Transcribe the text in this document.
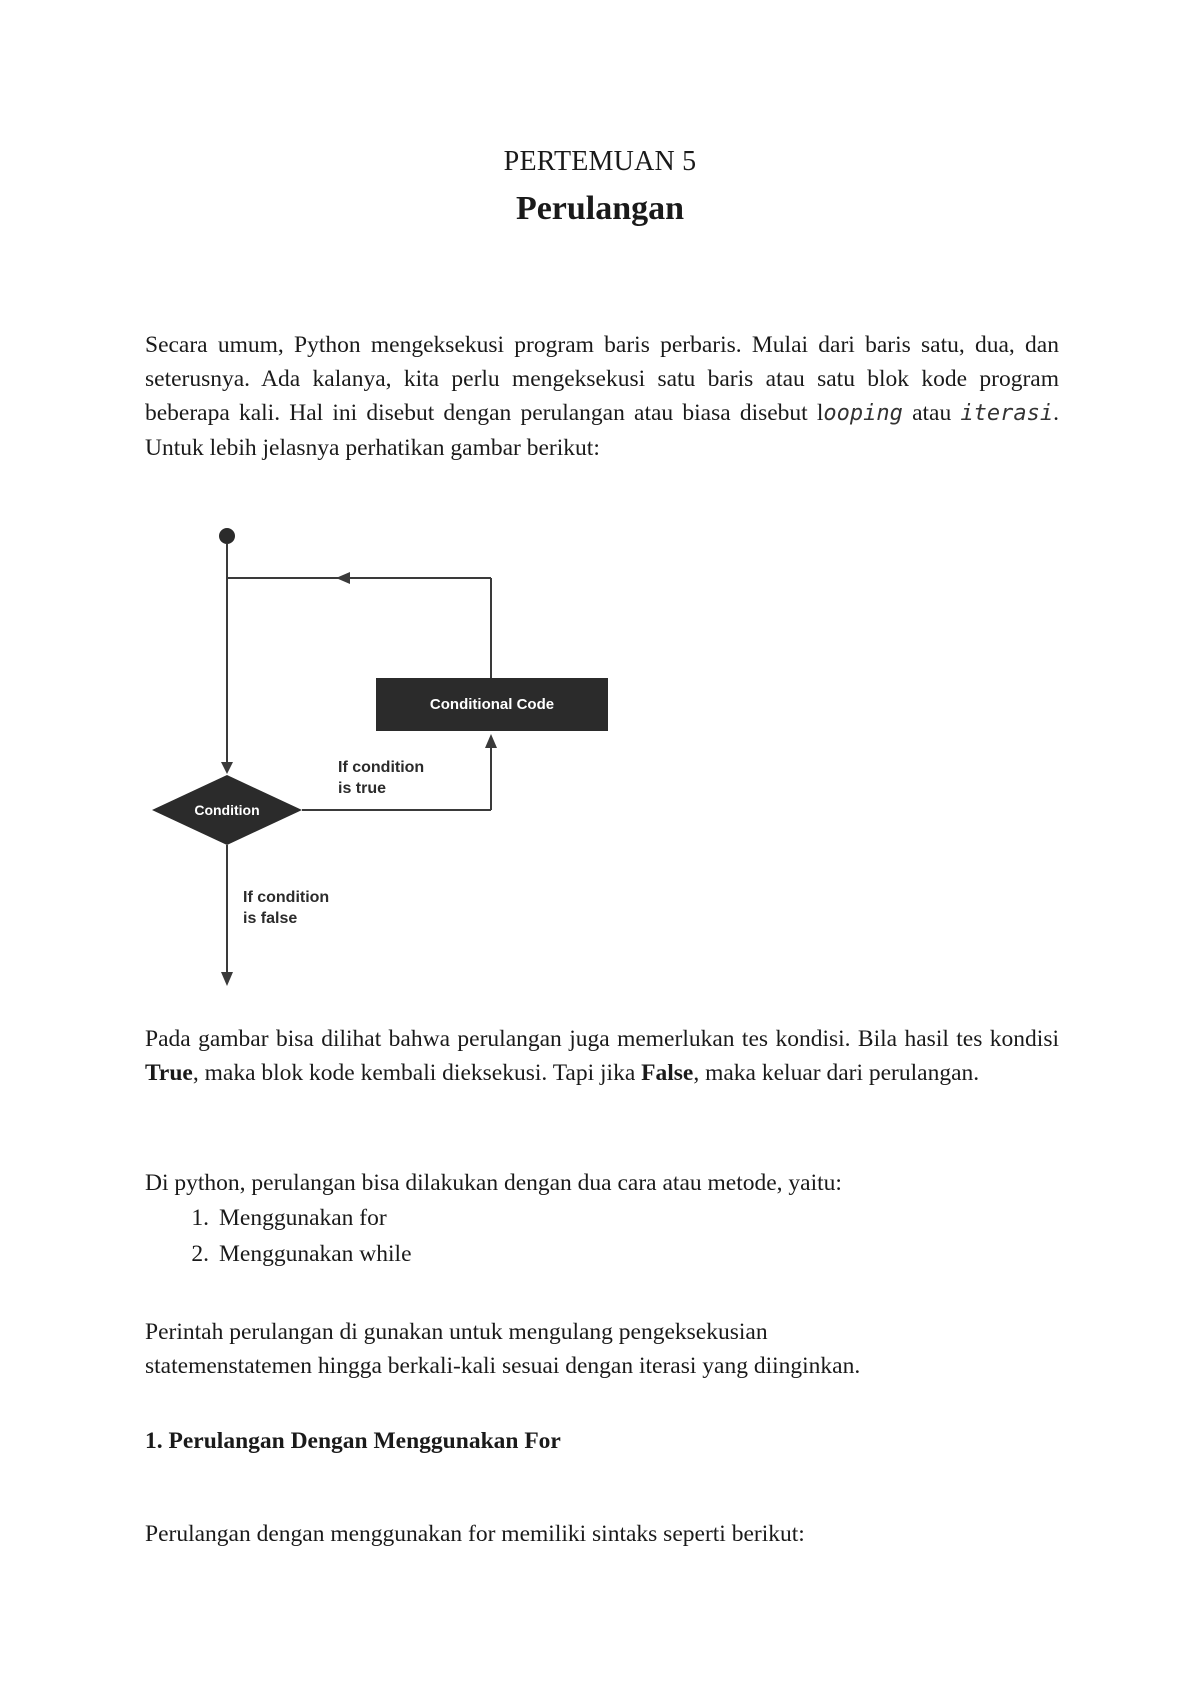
PERTEMUAN 5
Perulangan
Secara umum, Python mengeksekusi program baris perbaris. Mulai dari baris satu, dua, dan seterusnya. Ada kalanya, kita perlu mengeksekusi satu baris atau satu blok kode program beberapa kali. Hal ini disebut dengan perulangan atau biasa disebut looping atau iterasi. Untuk lebih jelasnya perhatikan gambar berikut:
Condition
Conditional Code
If condition
is true
If condition
is false
Pada gambar bisa dilihat bahwa perulangan juga memerlukan tes kondisi. Bila hasil tes kondisi True, maka blok kode kembali dieksekusi. Tapi jika False, maka keluar dari perulangan.
Di python, perulangan bisa dilakukan dengan dua cara atau metode, yaitu:
1. Menggunakan for
2. Menggunakan while
Perintah perulangan di gunakan untuk mengulang pengeksekusian
statemenstatemen hingga berkali-kali sesuai dengan iterasi yang diinginkan.
1. Perulangan Dengan Menggunakan For
Perulangan dengan menggunakan for memiliki sintaks seperti berikut:
